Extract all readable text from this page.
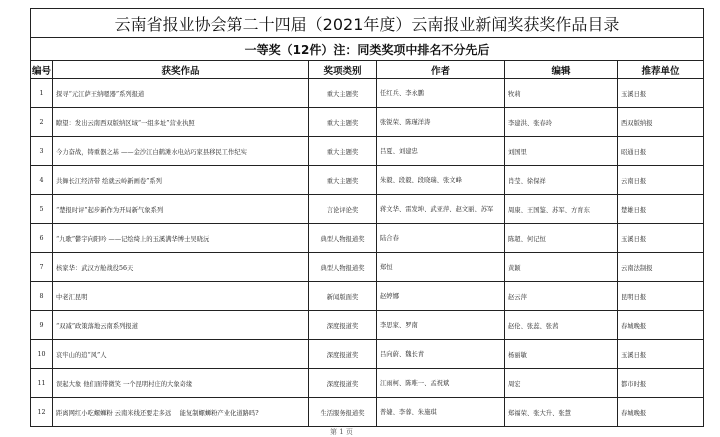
云南省报业协会第二十四届（2021年度）云南报业新闻奖获奖作品目录					
一等奖（12件）注：同类奖项中排名不分先后					
编号	获奖作品	奖项类别	作者	编辑	推荐单位
1	探寻“元江萨王纳嗯器”系列报道	重大主题奖	任红兵、李永鹏	牧莉	玉溪日报
2	瞭望：发出云南西双版纳区域“一组多址”营业执照	重大主题奖	张锐荣、陈瑾洋涛	李建洪、张春玲	西双版纳报
3	今力奋战，铸重器之基 ——金沙江白鹤滩水电站巧家县移民工作纪实	重大主题奖	吕夏、刘建忠	刘国里	昭通日报
4	共舞长江经济带 绘就云岭新画卷”系列	重大主题奖	朱毅、段毅、段晓瑞、张文峰	肖莹、徐保祥	云南日报
5	“楚报时评”起步新作为开局新气象系列	言论评论奖	蒋文华、雷发坤、武亚萍、赵文丽、苏军	周康、王国鉴、苏军、方育东	楚雄日报
6	“九歌”鬱宇向阳吟 ——记绘绮上的玉溪满华博士吴晓沅	典型人物报道奖	陆合春	陈超、何记恒	玉溪日报
7	核家华：武汉方舱战役56天	典型人物报道奖	郑恒	黄颖	云南法制报
8	中老汇昆明	新闻版面奖	赵婷娜	赵云萍	昆明日报
9	“双减”政策落地云南系列报道	深度报道奖	李思家、罗南	赵伦、张蕊、张茜	春城晚报
10	哀牢山的追“风”人	深度报道奖	吕向蔚、魏长青	杨丽敏	玉溪日报
11	误起大象 他们面带微笑 一个昆明村庄的大象奇缘	深度报道奖	江雨柯、陈唯一、孟祝斌	周宏	都市时报
12	距离网红小吃螺蛳粉 云南米线还要走多远 　能复制螺蛳粉产业化道路吗?	生活服务报道奖	普婕、李蓉、朱施琪	郑福荣、张大升、张慧	春城晚报
第 1 页
